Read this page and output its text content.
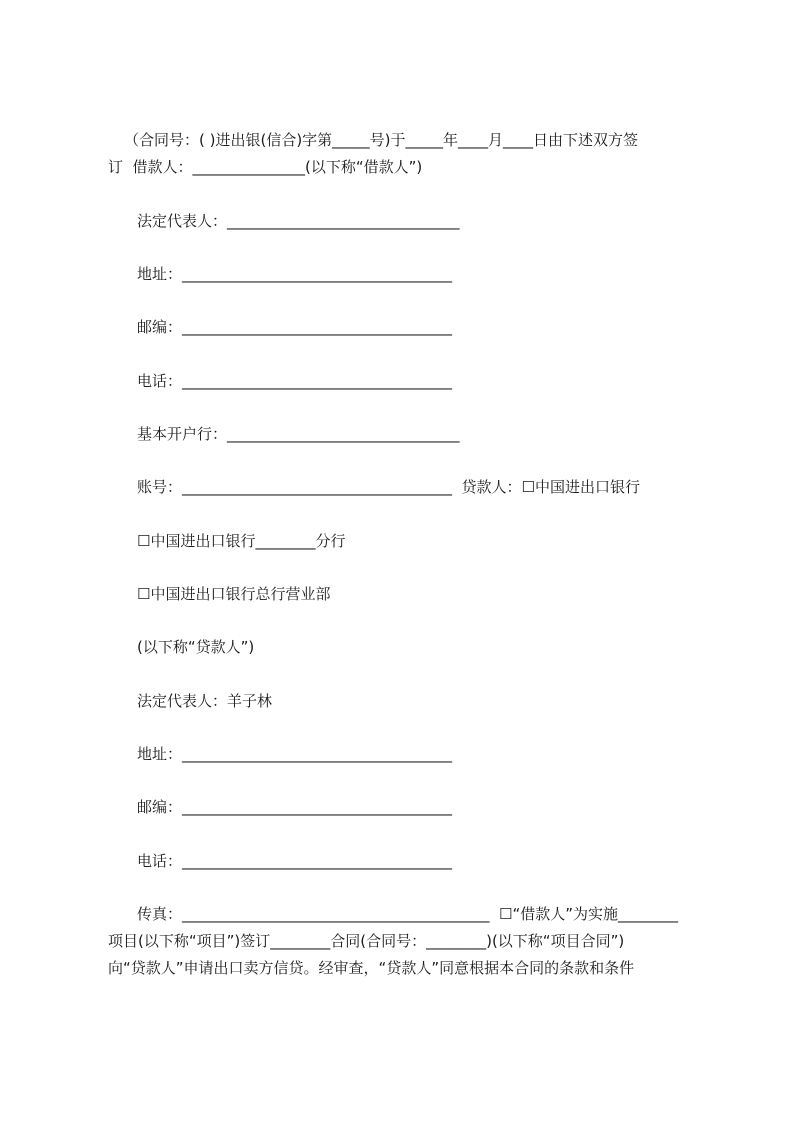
（合同号：( )进出银(信合)字第_____号)于_____年____月____日由下述双方签
订  借款人：_______________(以下称“借款人”)
法定代表人：_______________________________
地址：____________________________________
邮编：____________________________________
电话：____________________________________
基本开户行：_______________________________
账号：____________________________________  贷款人：☐中国进出口银行
☐中国进出口银行________分行
☐中国进出口银行总行营业部
(以下称“贷款人”)
法定代表人：羊子林
地址：____________________________________
邮编：____________________________________
电话：____________________________________
传真：_________________________________________  ☐“借款人”为实施________
项目(以下称“项目”)签订________合同(合同号：________)(以下称“项目合同”)
向“贷款人”申请出口卖方信贷。经审查，“贷款人”同意根据本合同的条款和条件
